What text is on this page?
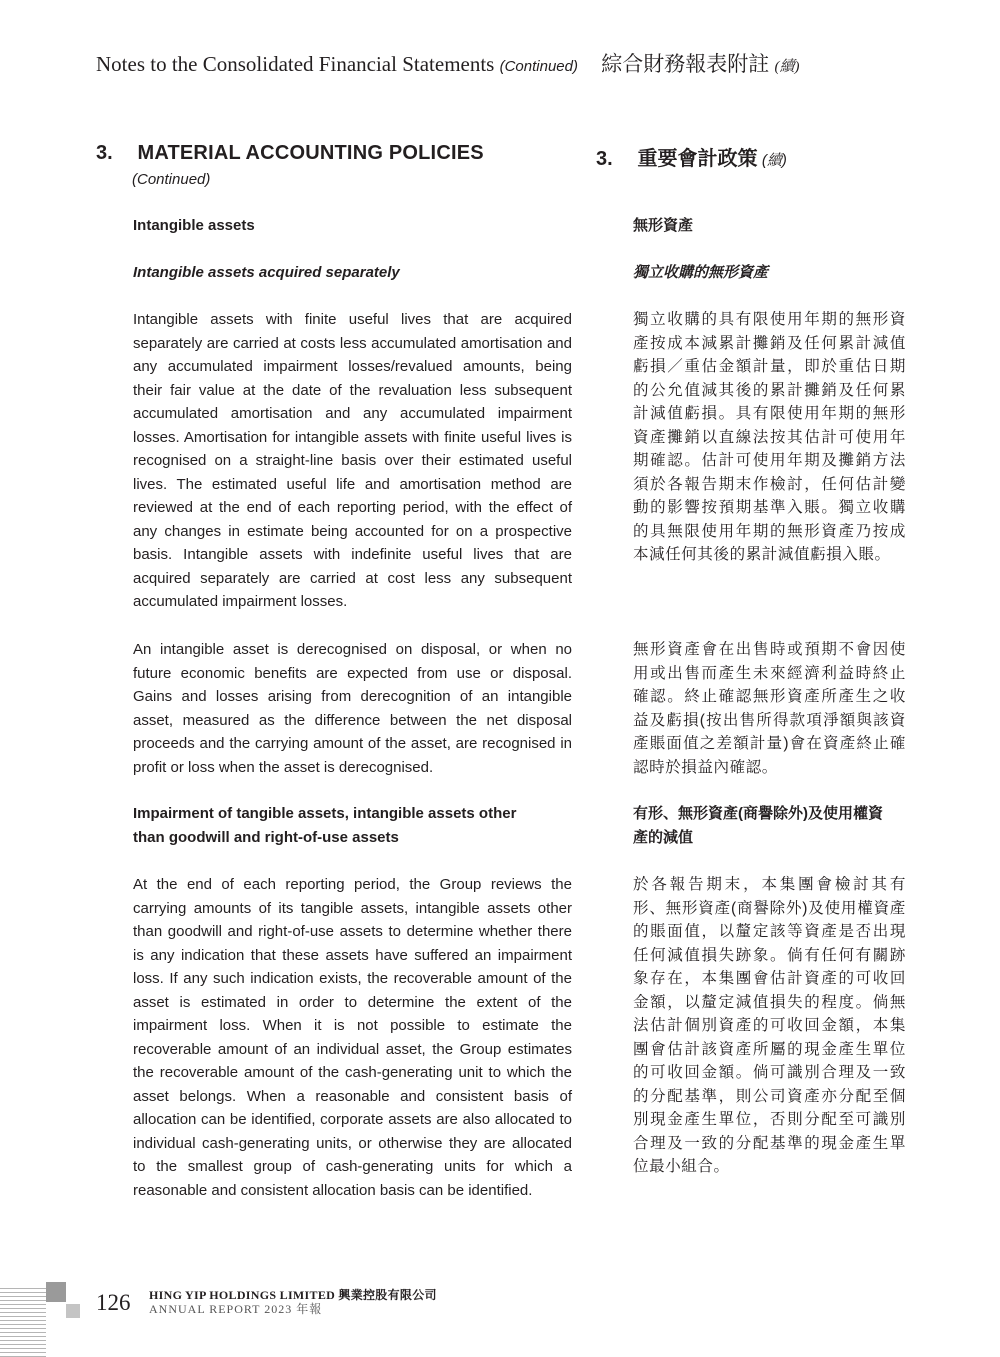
Notes to the Consolidated Financial Statements (Continued) 綜合財務報表附註 (續)
3. MATERIAL ACCOUNTING POLICIES
(Continued)
3. 重要會計政策 (續)
Intangible assets	無形資產
Intangible assets acquired separately	獨立收購的無形資產

Intangible assets with finite useful lives that are acquired separately are carried at costs less accumulated amortisation and any accumulated impairment losses/revalued amounts, being their fair value at the date of the revaluation less subsequent accumulated amortisation and any accumulated impairment losses. Amortisation for intangible assets with finite useful lives is recognised on a straight-line basis over their estimated useful lives. The estimated useful life and amortisation method are reviewed at the end of each reporting period, with the effect of any changes in estimate being accounted for on a prospective basis. Intangible assets with indefinite useful lives that are acquired separately are carried at cost less any subsequent accumulated impairment losses.

獨立收購的具有限使用年期的無形資產按成本減累計攤銷及任何累計減值虧損／重估金額計量，即於重估日期的公允值減其後的累計攤銷及任何累計減值虧損。具有限使用年期的無形資產攤銷以直線法按其估計可使用年期確認。估計可使用年期及攤銷方法須於各報告期末作檢討，任何估計變動的影響按預期基準入賬。獨立收購的具無限使用年期的無形資產乃按成本減任何其後的累計減值虧損入賬。

An intangible asset is derecognised on disposal, or when no future economic benefits are expected from use or disposal. Gains and losses arising from derecognition of an intangible asset, measured as the difference between the net disposal proceeds and the carrying amount of the asset, are recognised in profit or loss when the asset is derecognised.

無形資產會在出售時或預期不會因使用或出售而產生未來經濟利益時終止確認。終止確認無形資產所產生之收益及虧損(按出售所得款項淨額與該資產賬面值之差額計量)會在資產終止確認時於損益內確認。

Impairment of tangible assets, intangible assets other
than goodwill and right-of-use assets
有形、無形資產(商譽除外)及使用權資
產的減值

At the end of each reporting period, the Group reviews the carrying amounts of its tangible assets, intangible assets other than goodwill and right-of-use assets to determine whether there is any indication that these assets have suffered an impairment loss. If any such indication exists, the recoverable amount of the asset is estimated in order to determine the extent of the impairment loss. When it is not possible to estimate the recoverable amount of an individual asset, the Group estimates the recoverable amount of the cash-generating unit to which the asset belongs. When a reasonable and consistent basis of allocation can be identified, corporate assets are also allocated to individual cash-generating units, or otherwise they are allocated to the smallest group of cash-generating units for which a reasonable and consistent allocation basis can be identified.

於各報告期末，本集團會檢討其有形、無形資產(商譽除外)及使用權資產的賬面值，以釐定該等資產是否出現任何減值損失跡象。倘有任何有關跡象存在，本集團會估計資產的可收回金額，以釐定減值損失的程度。倘無法估計個別資產的可收回金額，本集團會估計該資產所屬的現金產生單位的可收回金額。倘可識別合理及一致的分配基準，則公司資產亦分配至個別現金產生單位，否則分配至可識別合理及一致的分配基準的現金產生單位最小組合。

126 HING YIP HOLDINGS LIMITED 興業控股有限公司
ANNUAL REPORT 2023 年報
